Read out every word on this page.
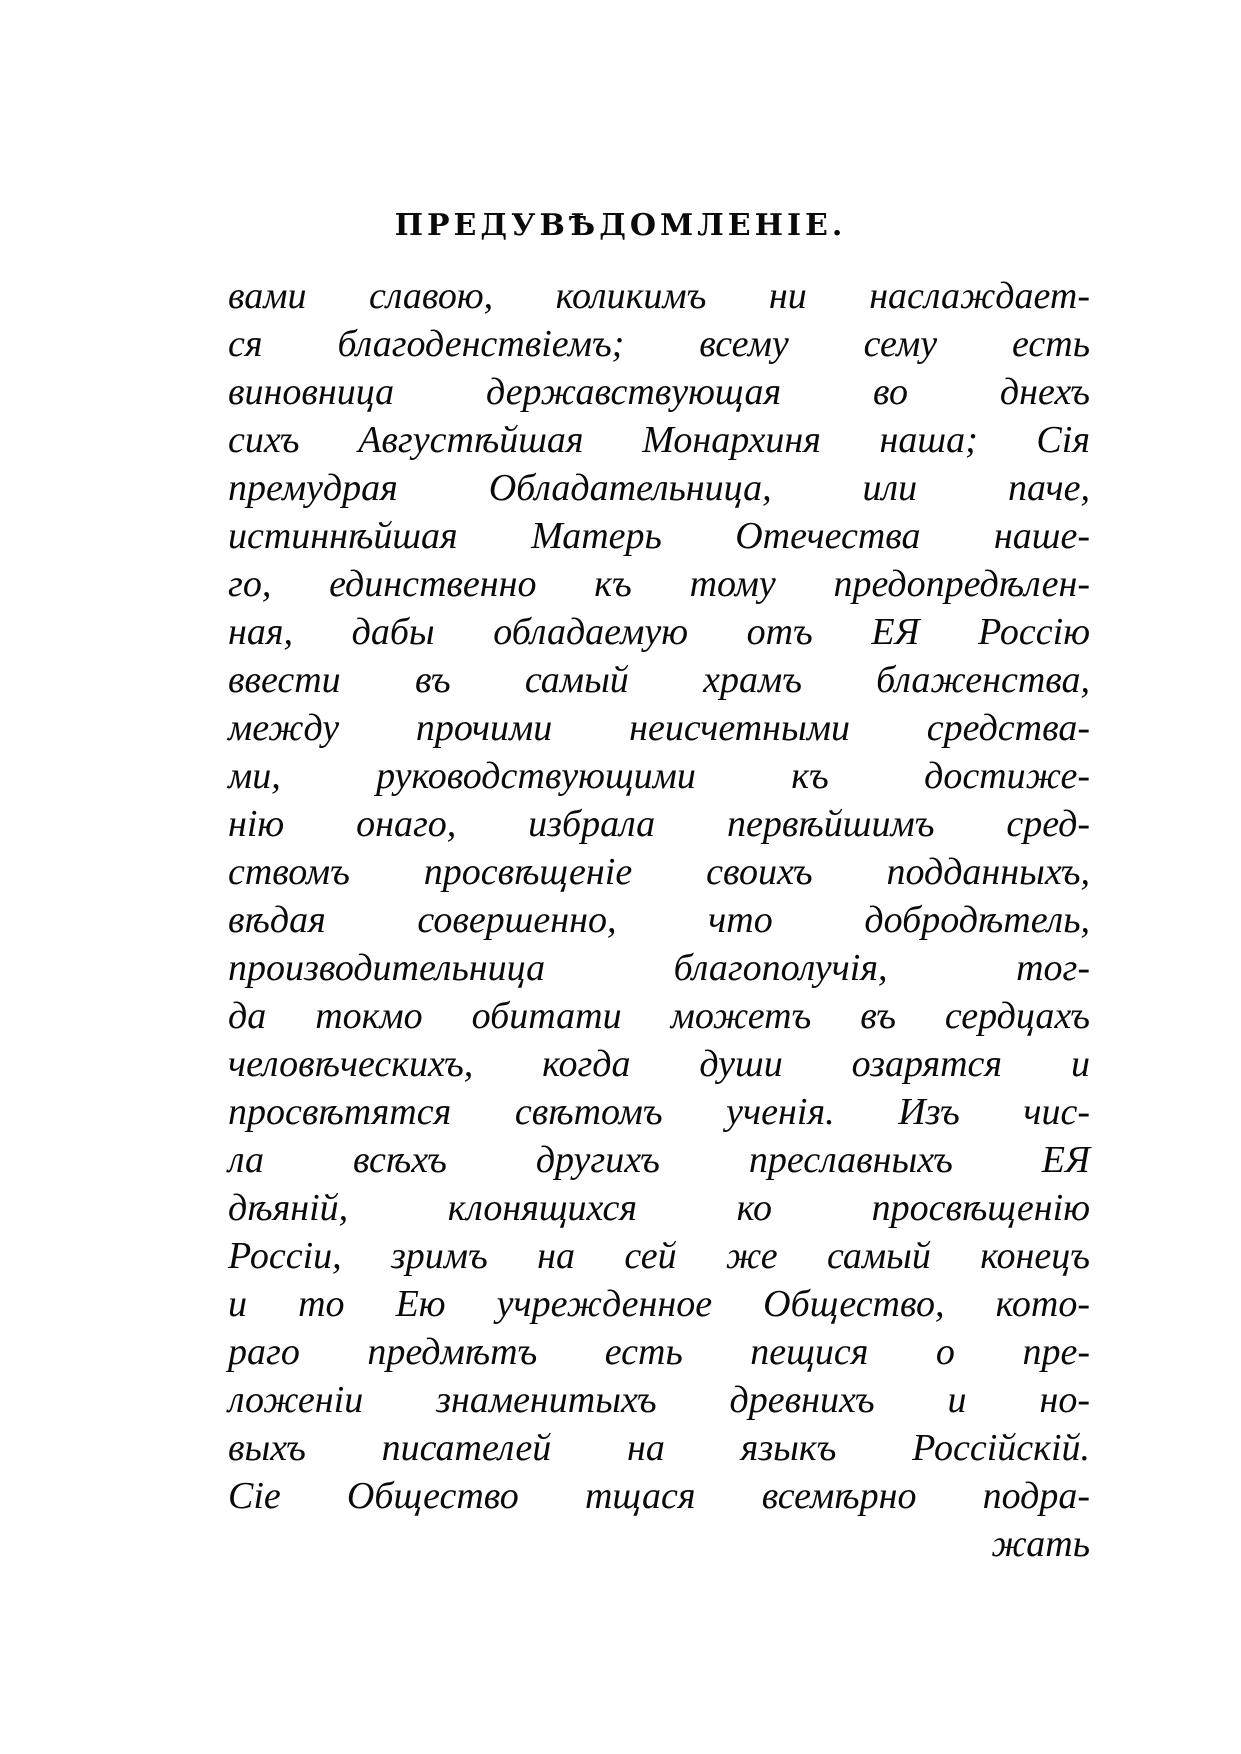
ПРЕДУВѢДОМЛЕНІЕ.
вами славою, коликимъ ни наслаждает-
ся благоденствіемъ; всему сему есть
виновница державствующая во днехъ
сихъ Августѣйшая Монархиня наша; Сія
премудрая Обладательница, или паче,
истиннѣйшая Матерь Отечества наше-
го, единственно къ тому предопредѣлен-
ная, дабы обладаемую отъ ЕЯ Россію
ввести въ самый храмъ блаженства,
между прочими неисчетными средства-
ми, руководствующими къ достиже-
нію онаго, избрала первѣйшимъ сред-
ствомъ просвѣщеніе своихъ подданныхъ,
вѣдая совершенно, что добродѣтель,
производительница благополучія, тог-
да токмо обитати можетъ въ сердцахъ
человѣческихъ, когда души озарятся и
просвѣтятся свѣтомъ ученія. Изъ чис-
ла всѣхъ другихъ преславныхъ ЕЯ
дѣяній, клонящихся ко просвѣщенію
Россіи, зримъ на сей же самый конецъ
и то Ею учрежденное Общество, кото-
раго предмѣтъ есть пещися о пре-
ложеніи знаменитыхъ древнихъ и но-
выхъ писателей на языкъ Россійскій.
Сіе Общество тщася всемѣрно подра-
жать
